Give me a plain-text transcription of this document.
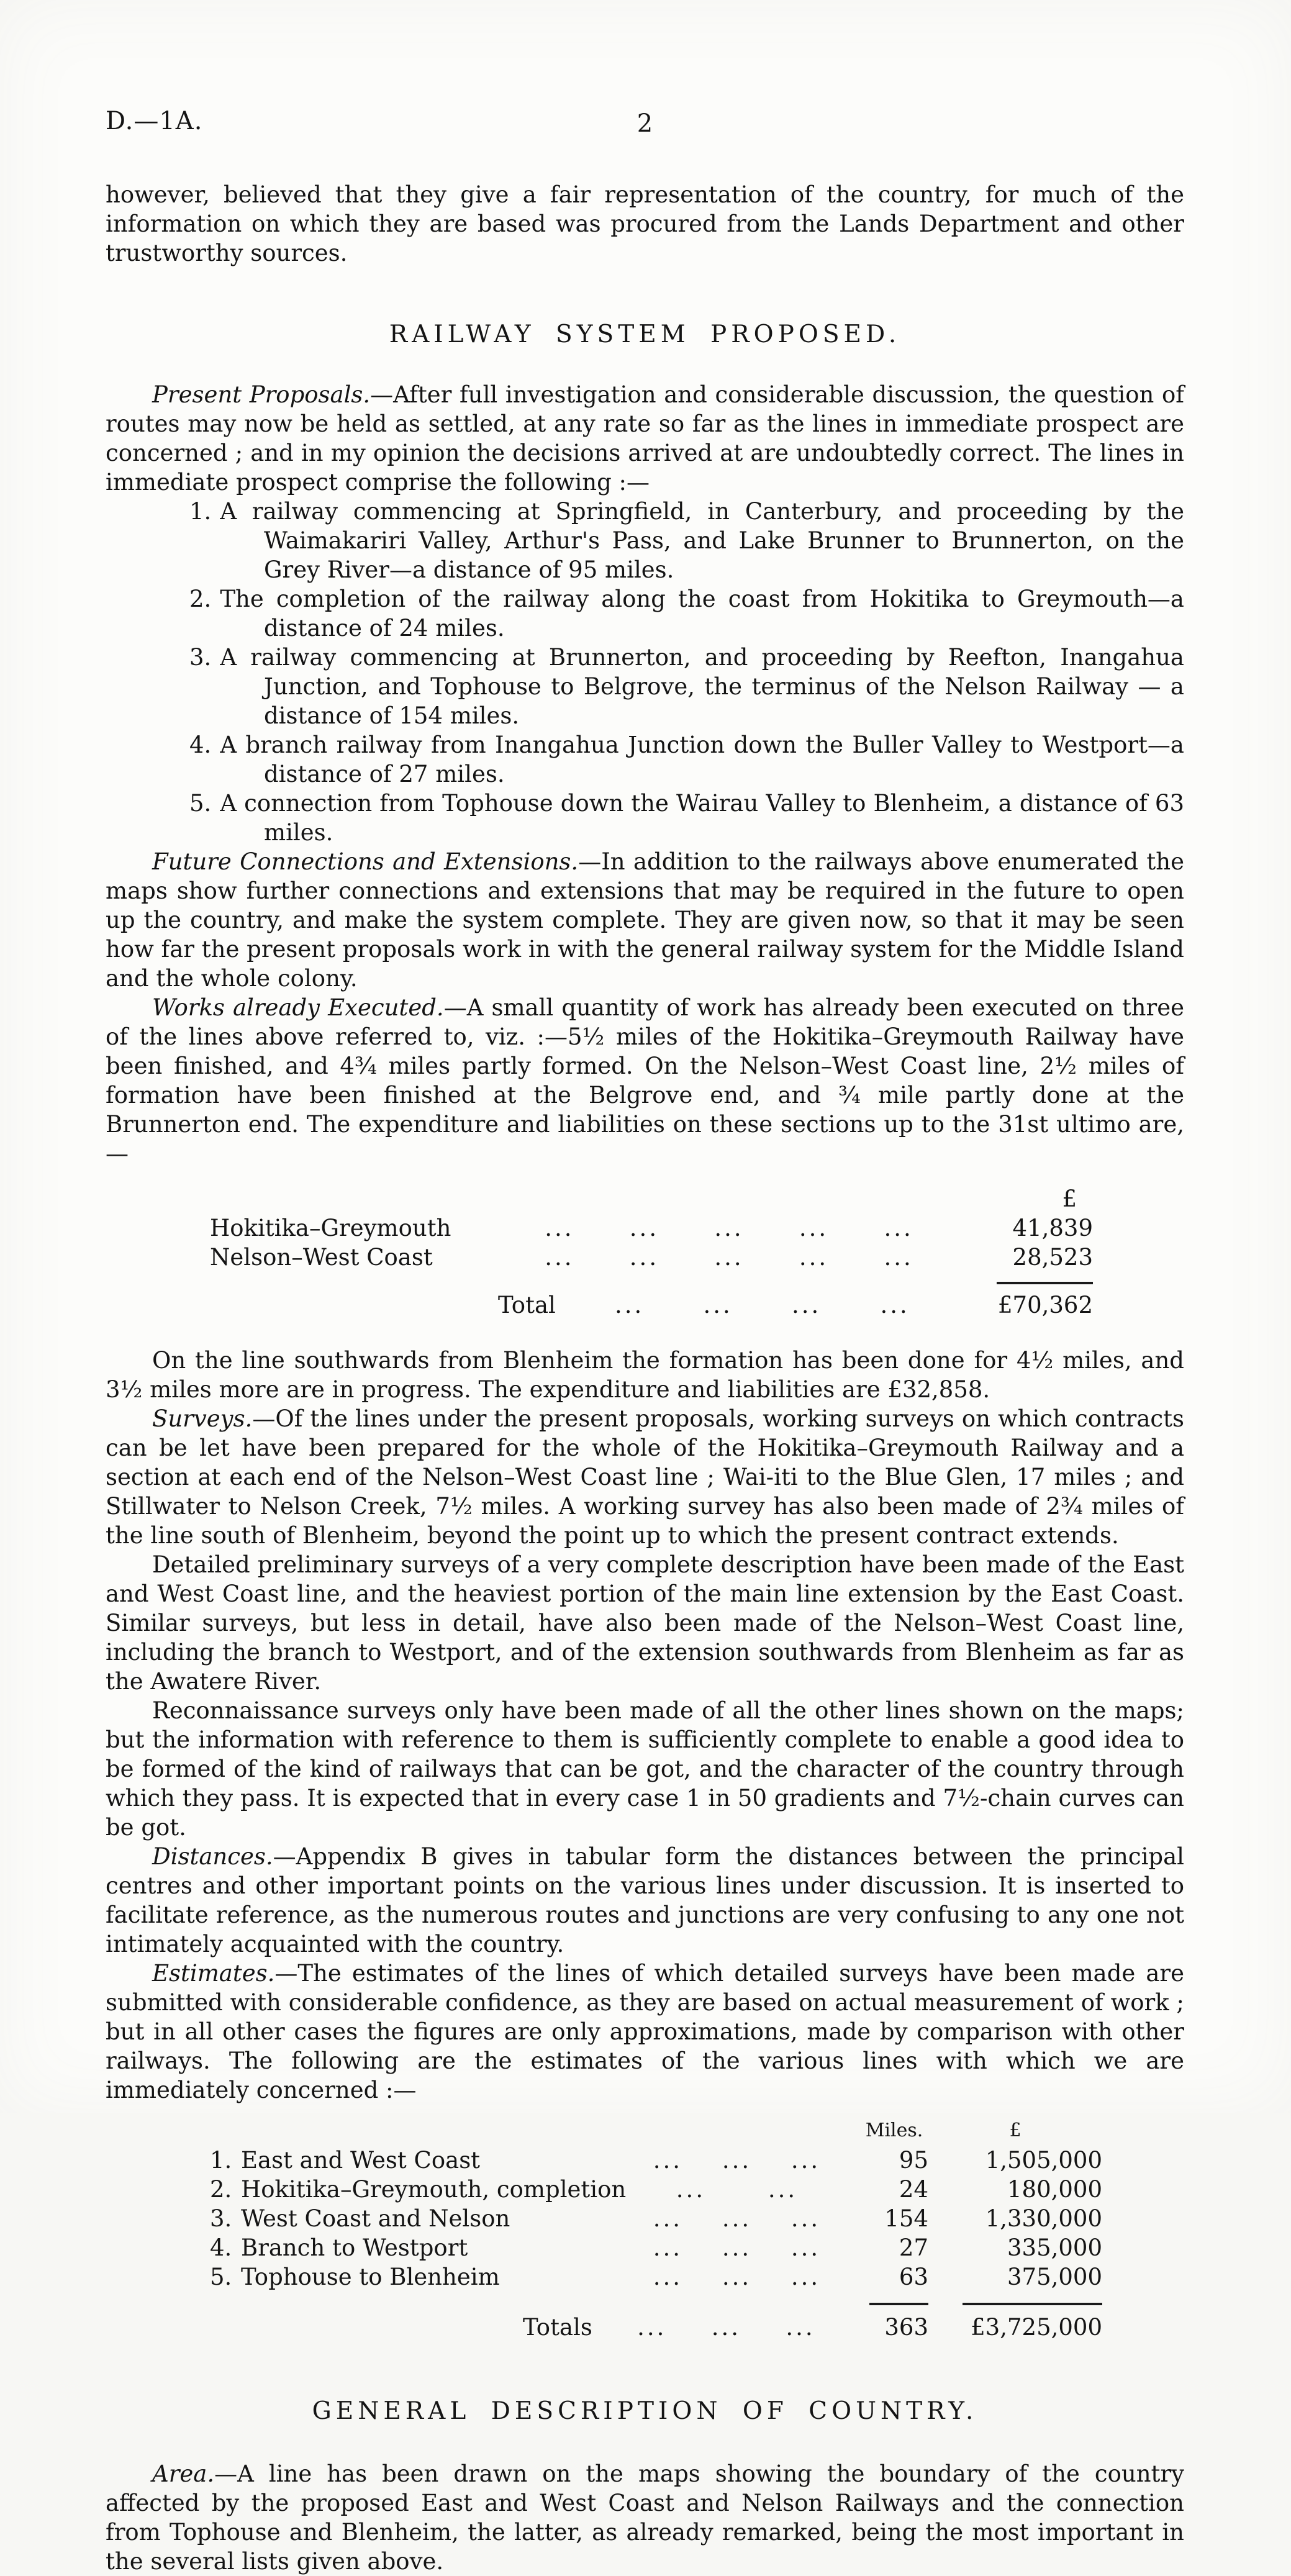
D.—1A.	2

however, believed that they give a fair representation of the country, for much of the information on which they are based was procured from the Lands Department and other trustworthy sources.

RAILWAY SYSTEM PROPOSED.

Present Proposals.—After full investigation and considerable discussion, the question of routes may now be held as settled, at any rate so far as the lines in immediate prospect are concerned ; and in my opinion the decisions arrived at are undoubtedly correct. The lines in immediate prospect comprise the following :—

1. A railway commencing at Springfield, in Canterbury, and proceeding by the Waimakariri Valley, Arthur's Pass, and Lake Brunner to Brunnerton, on the Grey River—a distance of 95 miles.

2. The completion of the railway along the coast from Hokitika to Greymouth—a distance of 24 miles.

3. A railway commencing at Brunnerton, and proceeding by Reefton, Inangahua Junction, and Tophouse to Belgrove, the terminus of the Nelson Railway — a distance of 154 miles.

4. A branch railway from Inangahua Junction down the Buller Valley to Westport—a distance of 27 miles.

5. A connection from Tophouse down the Wairau Valley to Blenheim, a distance of 63 miles.

Future Connections and Extensions.—In addition to the railways above enumerated the maps show further connections and extensions that may be required in the future to open up the country, and make the system complete. They are given now, so that it may be seen how far the present proposals work in with the general railway system for the Middle Island and the whole colony.

Works already Executed.—A small quantity of work has already been executed on three of the lines above referred to, viz. :—5½ miles of the Hokitika–Greymouth Railway have been finished, and 4¾ miles partly formed. On the Nelson–West Coast line, 2½ miles of formation have been finished at the Belgrove end, and ¾ mile partly done at the Brunnerton end. The expenditure and liabilities on these sections up to the 31st ultimo are,—

£
Hokitika–Greymouth	... ... ... ... ...	41,839
Nelson–West Coast	... ... ... ... ...	28,523
Total	...	...	...	...	£70,362

On the line southwards from Blenheim the formation has been done for 4½ miles, and 3½ miles more are in progress. The expenditure and liabilities are £32,858.

Surveys.—Of the lines under the present proposals, working surveys on which contracts can be let have been prepared for the whole of the Hokitika–Greymouth Railway and a section at each end of the Nelson–West Coast line ; Wai-iti to the Blue Glen, 17 miles ; and Stillwater to Nelson Creek, 7½ miles. A working survey has also been made of 2¾ miles of the line south of Blenheim, beyond the point up to which the present contract extends.

Detailed preliminary surveys of a very complete description have been made of the East and West Coast line, and the heaviest portion of the main line extension by the East Coast. Similar surveys, but less in detail, have also been made of the Nelson–West Coast line, including the branch to Westport, and of the extension southwards from Blenheim as far as the Awatere River.

Reconnaissance surveys only have been made of all the other lines shown on the maps; but the information with reference to them is sufficiently complete to enable a good idea to be formed of the kind of railways that can be got, and the character of the country through which they pass. It is expected that in every case 1 in 50 gradients and 7½-chain curves can be got.

Distances.—Appendix B gives in tabular form the distances between the principal centres and other important points on the various lines under discussion. It is inserted to facilitate reference, as the numerous routes and junctions are very confusing to any one not intimately acquainted with the country.

Estimates.—The estimates of the lines of which detailed surveys have been made are submitted with considerable confidence, as they are based on actual measurement of work ; but in all other cases the figures are only approximations, made by comparison with other railways. The following are the estimates of the various lines with which we are immediately concerned :—

Miles.	£
1. East and West Coast	... ... ...	95	1,505,000
2. Hokitika–Greymouth, completion ...	...	24	180,000
3. West Coast and Nelson	... ... ...	154	1,330,000
4. Branch to Westport	... ... ...	27	335,000
5. Tophouse to Blenheim	... ... ...	63	375,000
Totals ... ... ...	363	£3,725,000
GENERAL DESCRIPTION OF COUNTRY.

Area.—A line has been drawn on the maps showing the boundary of the country affected by the proposed East and West Coast and Nelson Railways and the connection from Tophouse and Blenheim, the latter, as already remarked, being the most important in the several lists given above.
